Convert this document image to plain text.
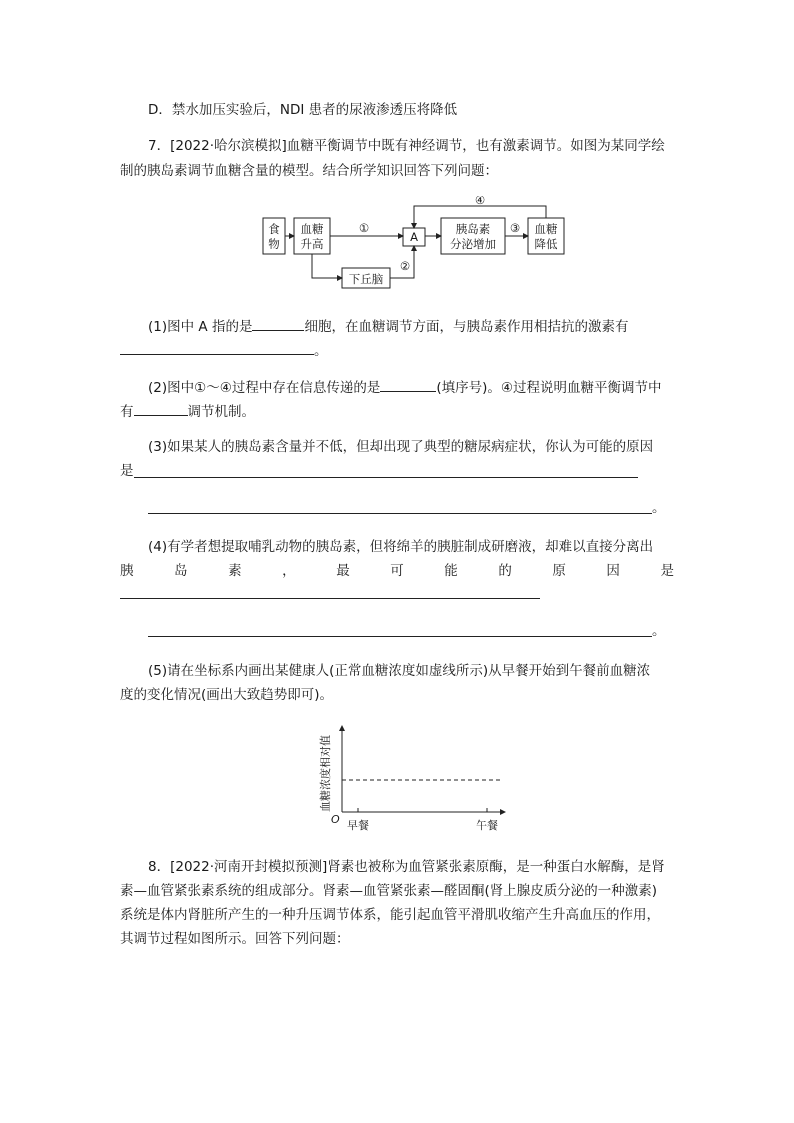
D．禁水加压实验后，NDI 患者的尿液渗透压将降低
7．[2022·哈尔滨模拟]血糖平衡调节中既有神经调节，也有激素调节。如图为某同学绘
制的胰岛素调节血糖含量的模型。结合所学知识回答下列问题：
食
物
血糖
升高	A
胰岛素
分泌增加
血糖
降低
下丘脑
①
②
③
④
(1)图中 A 指的是	细胞，在血糖调节方面，与胰岛素作用相拮抗的激素有
。
(2)图中①～④过程中存在信息传递的是	(填序号)。④过程说明血糖平衡调节中
有	调节机制。
(3)如果某人的胰岛素含量并不低，但却出现了典型的糖尿病症状，你认为可能的原因
是
。
(4)有学者想提取哺乳动物的胰岛素，但将绵羊的胰脏制成研磨液，却难以直接分离出
胰	岛	素	，	最	可	能	的	原	因	是
。
(5)请在坐标系内画出某健康人(正常血糖浓度如虚线所示)从早餐开始到午餐前血糖浓
度的变化情况(画出大致趋势即可)。
血糖浓度相对值
O 早餐	午餐
8．[2022·河南开封模拟预测]肾素也被称为血管紧张素原酶，是一种蛋白水解酶，是肾
素—血管紧张素系统的组成部分。肾素—血管紧张素—醛固酮(肾上腺皮质分泌的一种激素)
系统是体内肾脏所产生的一种升压调节体系，能引起血管平滑肌收缩产生升高血压的作用，
其调节过程如图所示。回答下列问题：
